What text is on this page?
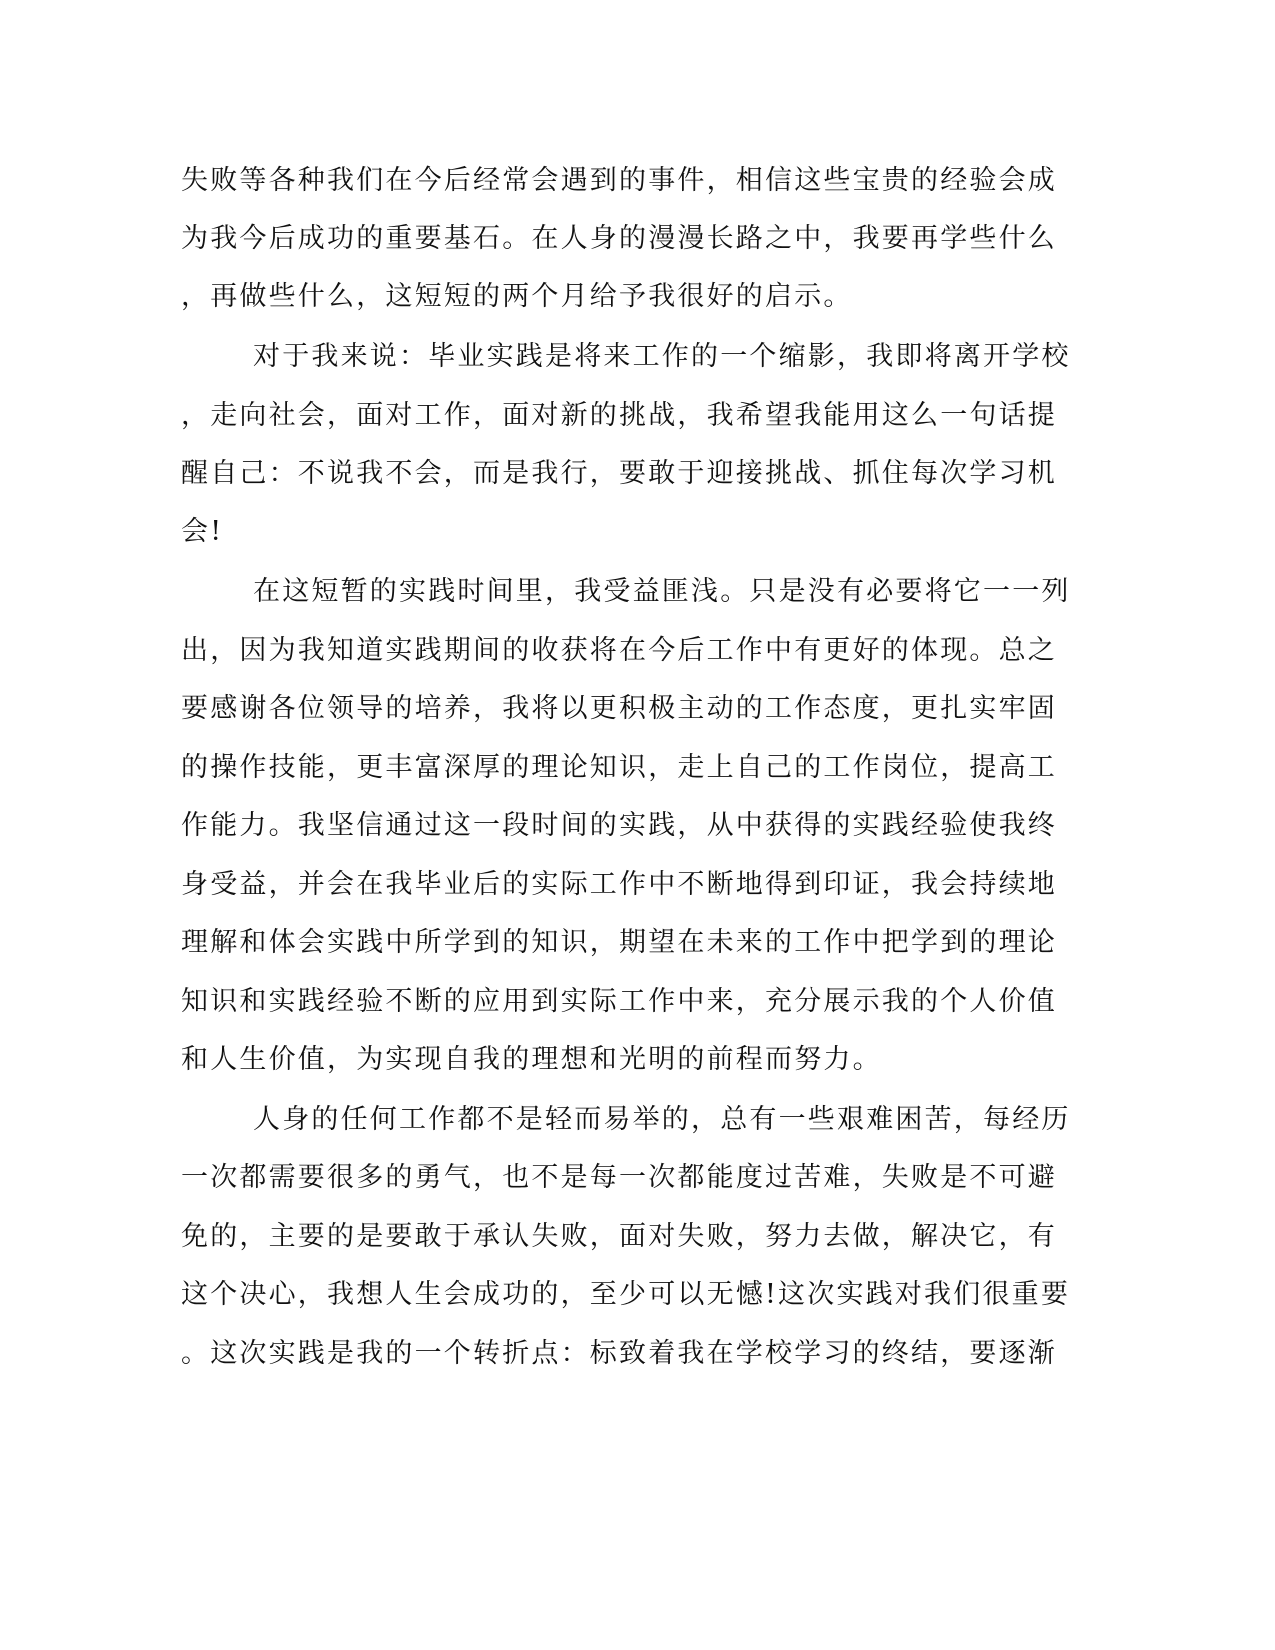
失败等各种我们在今后经常会遇到的事件，相信这些宝贵的经验会成

为我今后成功的重要基石。在人身的漫漫长路之中，我要再学些什么

，再做些什么，这短短的两个月给予我很好的启示。

对于我来说：毕业实践是将来工作的一个缩影，我即将离开学校

，走向社会，面对工作，面对新的挑战，我希望我能用这么一句话提

醒自己：不说我不会，而是我行，要敢于迎接挑战、抓住每次学习机

会!

在这短暂的实践时间里，我受益匪浅。只是没有必要将它一一列

出，因为我知道实践期间的收获将在今后工作中有更好的体现。总之

要感谢各位领导的培养，我将以更积极主动的工作态度，更扎实牢固

的操作技能，更丰富深厚的理论知识，走上自己的工作岗位，提高工

作能力。我坚信通过这一段时间的实践，从中获得的实践经验使我终

身受益，并会在我毕业后的实际工作中不断地得到印证，我会持续地

理解和体会实践中所学到的知识，期望在未来的工作中把学到的理论

知识和实践经验不断的应用到实际工作中来，充分展示我的个人价值

和人生价值，为实现自我的理想和光明的前程而努力。

人身的任何工作都不是轻而易举的，总有一些艰难困苦，每经历

一次都需要很多的勇气，也不是每一次都能度过苦难，失败是不可避

免的，主要的是要敢于承认失败，面对失败，努力去做，解决它，有

这个决心，我想人生会成功的，至少可以无憾!这次实践对我们很重要

。这次实践是我的一个转折点：标致着我在学校学习的终结，要逐渐
